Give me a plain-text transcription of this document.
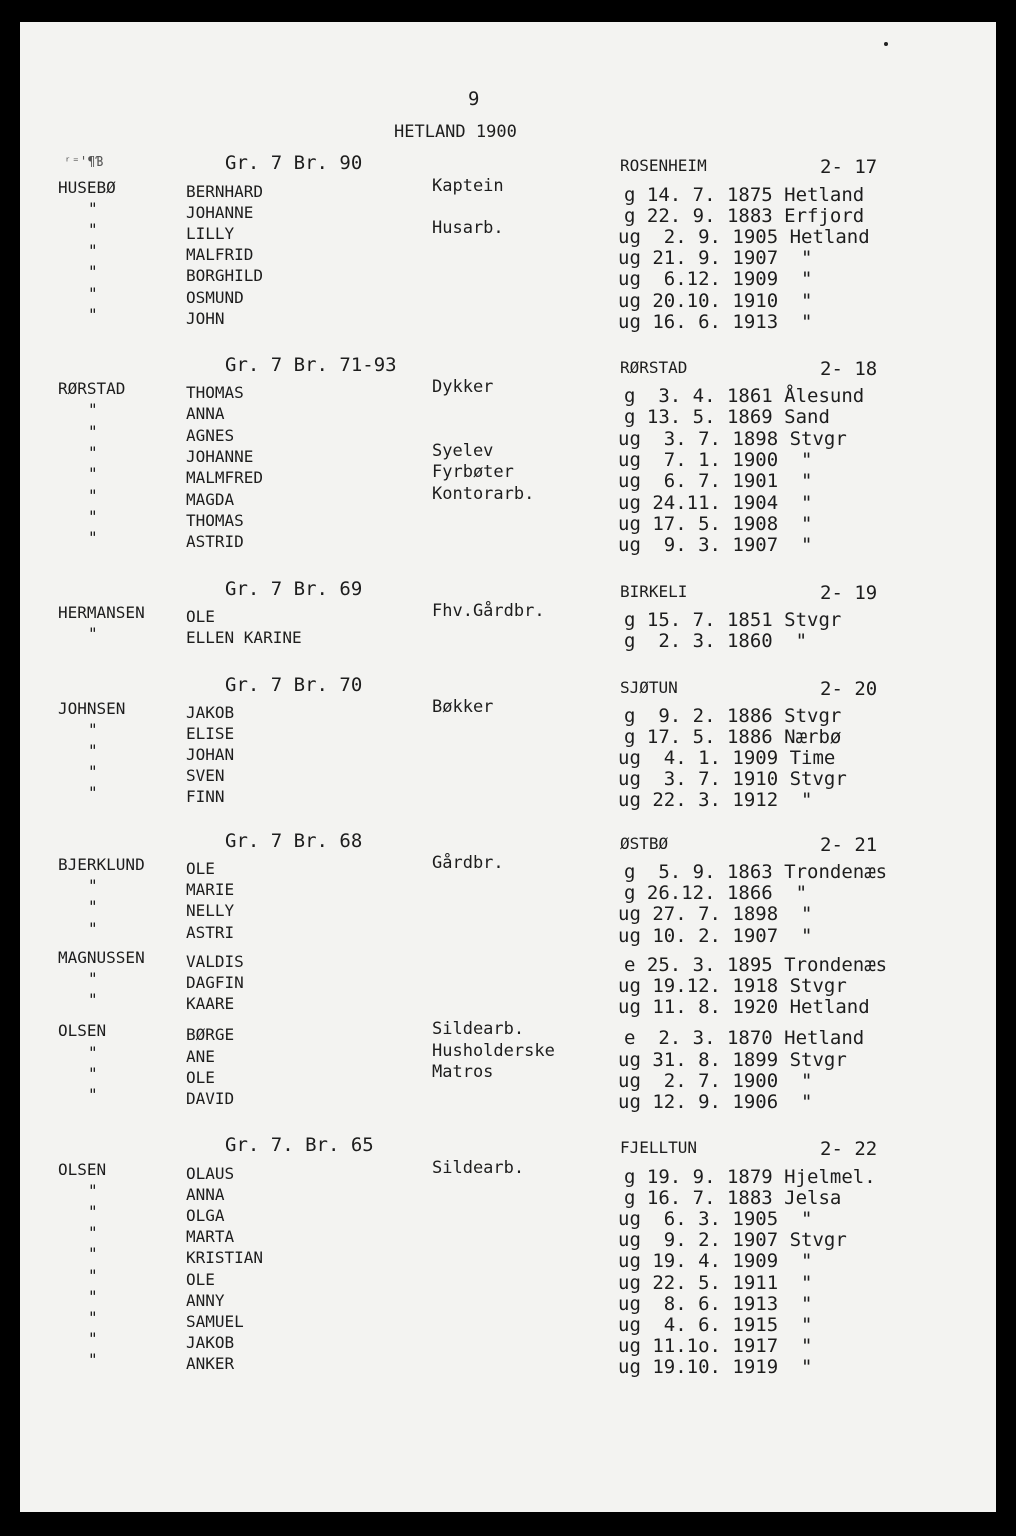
9
HETLAND 1900
ʳ⁼'¶Ɓ	Gr. 7 Br. 90	ROSENHEIM	2- 17
HUSEBØ	BERNHARD	Kaptein	g 14. 7. 1875 Hetland
"	JOHANNE	g 22. 9. 1883 Erfjord
"	LILLY	Husarb.	ug  2. 9. 1905 Hetland
"	MALFRID	ug 21. 9. 1907  "
"	BORGHILD	ug  6.12. 1909  "
"	OSMUND	ug 20.10. 1910  "
"	JOHN	ug 16. 6. 1913  "
Gr. 7 Br. 71-93	RØRSTAD	2- 18
RØRSTAD	THOMAS	Dykker	g  3. 4. 1861 Ålesund
"	ANNA	g 13. 5. 1869 Sand
"	AGNES	ug  3. 7. 1898 Stvgr
"	JOHANNE	Syelev	ug  7. 1. 1900  "
"	MALMFRED	Fyrbøter	ug  6. 7. 1901  "
"	MAGDA	Kontorarb.	ug 24.11. 1904  "
"	THOMAS	ug 17. 5. 1908  "
"	ASTRID	ug  9. 3. 1907  "
Gr. 7 Br. 69	BIRKELI	2- 19
HERMANSEN	OLE	Fhv.Gårdbr.	g 15. 7. 1851 Stvgr
"	ELLEN KARINE	g  2. 3. 1860  "
Gr. 7 Br. 70	SJØTUN	2- 20
JOHNSEN	JAKOB	Bøkker	g  9. 2. 1886 Stvgr
"	ELISE	g 17. 5. 1886 Nærbø
"	JOHAN	ug  4. 1. 1909 Time
"	SVEN	ug  3. 7. 1910 Stvgr
"	FINN	ug 22. 3. 1912  "
Gr. 7 Br. 68	ØSTBØ	2- 21
BJERKLUND	OLE	Gårdbr.	g  5. 9. 1863 Trondenæs
"	MARIE	g 26.12. 1866  "
"	NELLY	ug 27. 7. 1898  "
"	ASTRI	ug 10. 2. 1907  "
MAGNUSSEN	VALDIS	e 25. 3. 1895 Trondenæs
"	DAGFIN	ug 19.12. 1918 Stvgr
"	KAARE	ug 11. 8. 1920 Hetland
OLSEN	BØRGE	Sildearb.	e  2. 3. 1870 Hetland
"	ANE	Husholderske	ug 31. 8. 1899 Stvgr
"	OLE	Matros	ug  2. 7. 1900  "
"	DAVID	ug 12. 9. 1906  "
Gr. 7. Br. 65	FJELLTUN	2- 22
OLSEN	OLAUS	Sildearb.	g 19. 9. 1879 Hjelmel.
"	ANNA	g 16. 7. 1883 Jelsa
"	OLGA	ug  6. 3. 1905  "
"	MARTA	ug  9. 2. 1907 Stvgr
"	KRISTIAN	ug 19. 4. 1909  "
"	OLE	ug 22. 5. 1911  "
"	ANNY	ug  8. 6. 1913  "
"	SAMUEL	ug  4. 6. 1915  "
"	JAKOB	ug 11.1o. 1917  "
"	ANKER	ug 19.10. 1919  "
